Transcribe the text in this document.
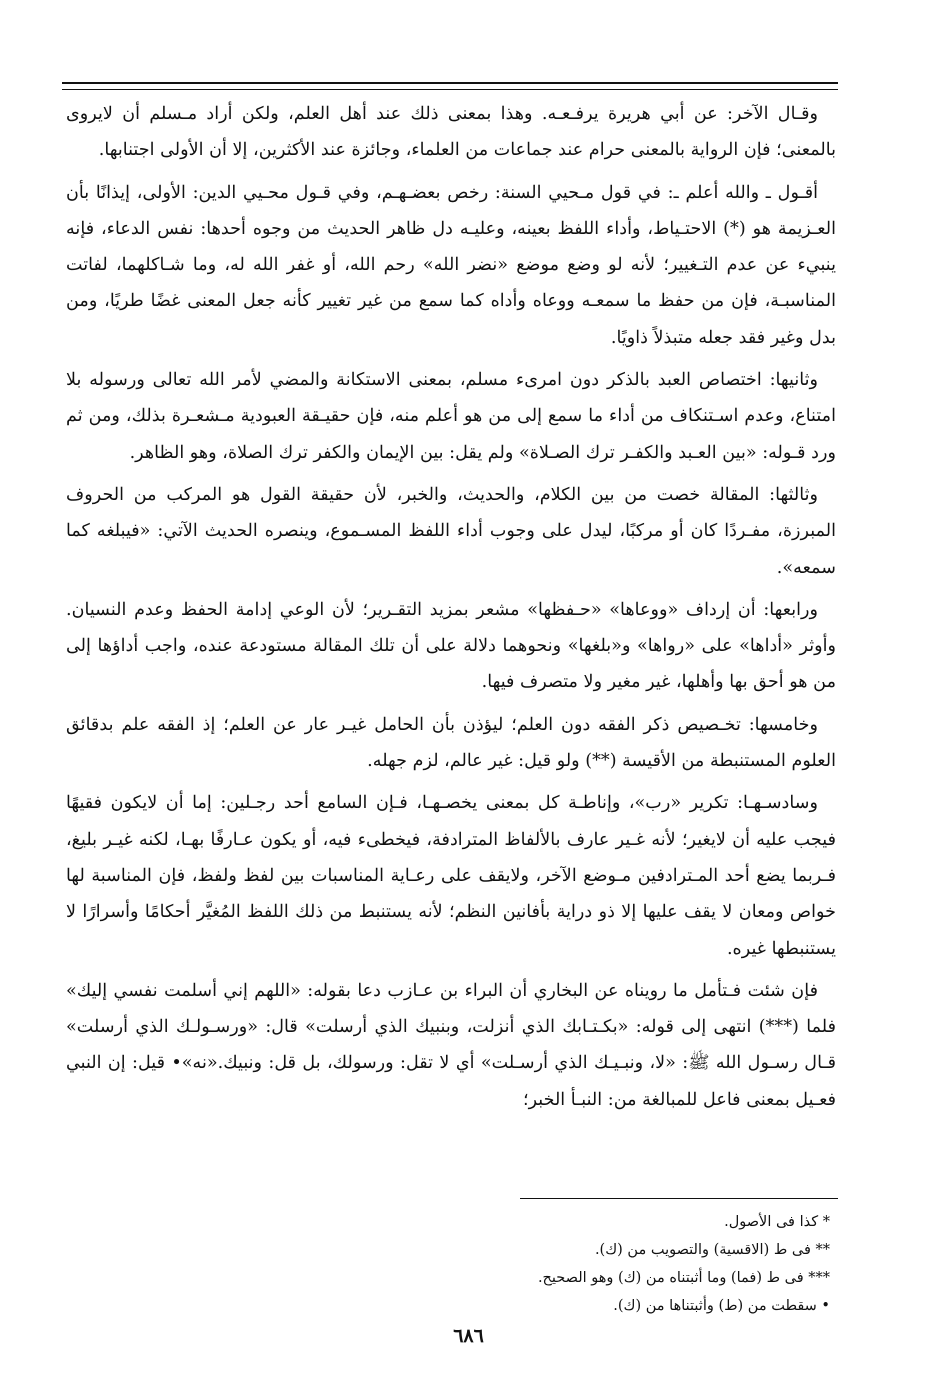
وقـال الآخر: عن أبي هريرة يرفـعـه. وهذا بمعنى ذلك عند أهل العلم، ولكن أراد مـسلم أن لايروى بالمعنى؛ فإن الرواية بالمعنى حرام عند جماعات من العلماء، وجائزة عند الأكثرين، إلا أن الأولى اجتنابها.

أقـول ـ والله أعلم ـ: في قول مـحيي السنة: رخص بعضـهـم، وفي قـول محـيي الدين: الأولى، إيذانًا بأن العـزيمة هو (*) الاحتـياط، وأداء اللفظ بعينه، وعليـه دل ظاهر الحديث من وجوه أحدها: نفس الدعاء، فإنه ينبيء عن عدم التـغيير؛ لأنه لو وضع موضع «نضر الله» رحم الله، أو غفر الله له، وما شـاكلهما، لفاتت المناسبـة، فإن من حفظ ما سمعـه ووعاه وأداه كما سمع من غير تغيير كأنه جعل المعنى غضًا طريًا، ومن بدل وغير فقد جعله متبذلاً ذاويًا.

وثانيها: اختصاص العبد بالذكر دون امرىء مسلم، بمعنى الاستكانة والمضي لأمر الله تعالى ورسوله بلا امتناع، وعدم اسـتنكاف من أداء ما سمع إلى من هو أعلم منه، فإن حقيـقة العبودية مـشعـرة بذلك، ومن ثم ورد قـوله: «بين العـبد والكفـر ترك الصـلاة» ولم يقل: بين الإيمان والكفر ترك الصلاة، وهو الظاهر.

وثالثها: المقالة خصت من بين الكلام، والحديث، والخبر، لأن حقيقة القول هو المركب من الحروف المبرزة، مفـردًا كان أو مركبًا، ليدل على وجوب أداء اللفظ المسـموع، وينصره الحديث الآتي: «فيبلغه كما سمعه».

ورابعها: أن إرداف «ووعاها» «حـفظها» مشعر بمزيد التقـرير؛ لأن الوعي إدامة الحفظ وعدم النسيان. وأوثر «أداها» على «رواها» و«بلغها» ونحوهما دلالة على أن تلك المقالة مستودعة عنده، واجب أداؤها إلى من هو أحق بها وأهلها، غير مغير ولا متصرف فيها.

وخامسها: تخـصيص ذكر الفقه دون العلم؛ ليؤذن بأن الحامل غيـر عار عن العلم؛ إذ الفقه علم بدقائق العلوم المستنبطة من الأقيسة (**) ولو قيل: غير عالم، لزم جهله.

وسادسـهـا: تكرير «رب»، وإناطـة كل بمعنى يخصـهـا، فـإن السامع أحد رجـلين: إما أن لايكون فقيهًا فيجب عليه أن لايغير؛ لأنه غـير عارف بالألفاظ المترادفة، فيخطىء فيه، أو يكون عـارفًا بهـا، لكنه غيـر بليغ، فـربما يضع أحد المـترادفين مـوضع الآخر، ولايقف على رعـاية المناسبات بين لفظ ولفظ، فإن المناسبة لها خواص ومعان لا يقف عليها إلا ذو دراية بأفانين النظم؛ لأنه يستنبط من ذلك اللفظ المُغيَّر أحكامًا وأسرارًا لا يستنبطها غيره.

فإن شئت فـتأمل ما رويناه عن البخاري أن البراء بن عـازب دعا بقوله: «اللهم إني أسلمت نفسي إليك» فلما (***) انتهى إلى قوله: «بكـتـابك الذي أنزلت، وبنبيك الذي أرسلت» قال: «ورسـولـك الذي أرسلت» قـال رسـول الله ﷺ: «لا، ونبـيـك الذي أرسـلت» أي لا تقل: ورسولك، بل قل: ونبيك.«نه»• قيل: إن النبي فعـيل بمعنى فاعل للمبالغة من: النبـأ الخبر؛

* كذا فى الأصول.

** فى ط (الاقسية) والتصويب من (ك).

*** فى ط (فما) وما أثبتناه من (ك) وهو الصحيح.

• سقطت من (ط) وأثبتناها من (ك).

٦٨٦
